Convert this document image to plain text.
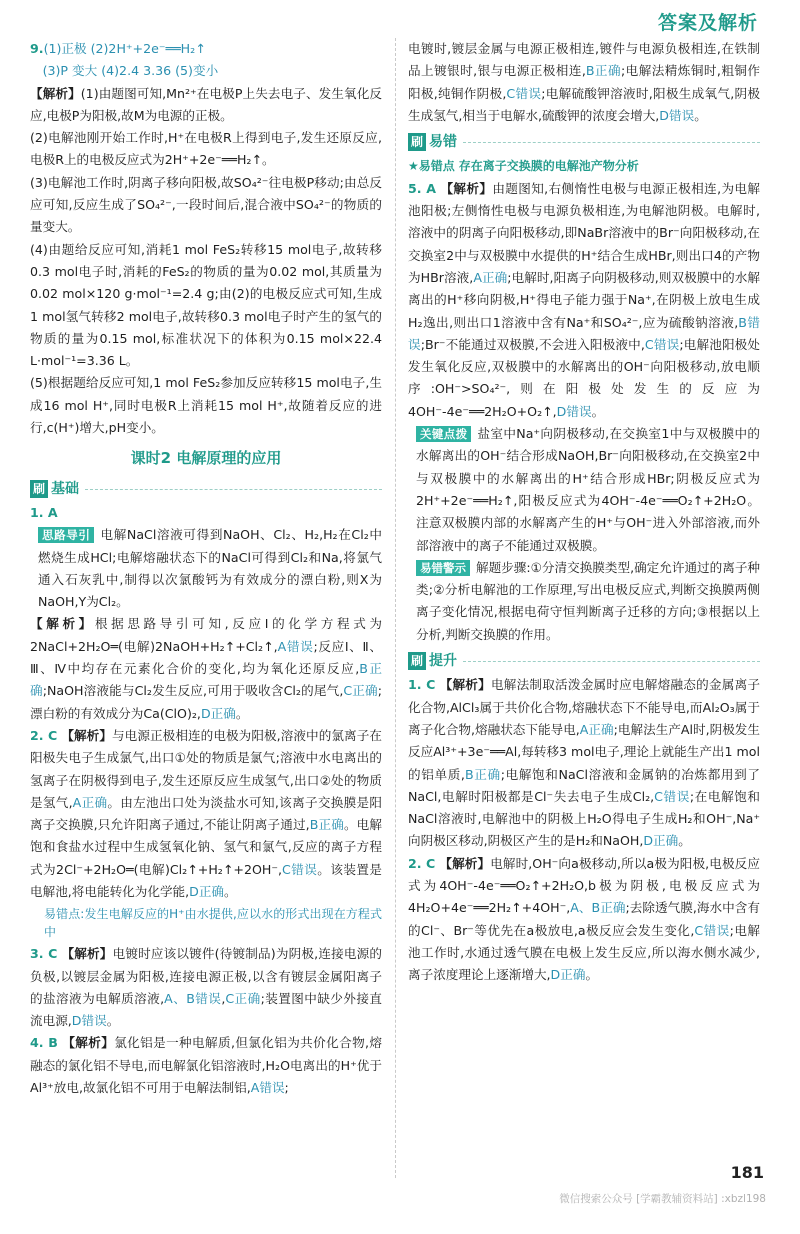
答案及解析

9.(1)正极 (2)2H⁺+2e⁻══H₂↑

(3)P 变大 (4)2.4 3.36 (5)变小

【解析】(1)由题图可知,Mn²⁺在电极P上失去电子、发生氧化反应,电极P为阳极,故M为电源的正极。

(2)电解池刚开始工作时,H⁺在电极R上得到电子,发生还原反应,电极R上的电极反应式为2H⁺+2e⁻══H₂↑。

(3)电解池工作时,阴离子移向阳极,故SO₄²⁻往电极P移动;由总反应可知,反应生成了SO₄²⁻,一段时间后,混合液中SO₄²⁻的物质的量变大。

(4)由题给反应可知,消耗1 mol FeS₂转移15 mol电子,故转移0.3 mol电子时,消耗的FeS₂的物质的量为0.02 mol,其质量为0.02 mol×120 g·mol⁻¹=2.4 g;由(2)的电极反应式可知,生成1 mol氢气转移2 mol电子,故转移0.3 mol电子时产生的氢气的物质的量为0.15 mol,标准状况下的体积为0.15 mol×22.4 L·mol⁻¹=3.36 L。

(5)根据题给反应可知,1 mol FeS₂参加反应转移15 mol电子,生成16 mol H⁺,同时电极R上消耗15 mol H⁺,故随着反应的进行,c(H⁺)增大,pH变小。

课时2 电解原理的应用
刷 基础

1. A

思路导引 电解NaCl溶液可得到NaOH、Cl₂、H₂,H₂在Cl₂中燃烧生成HCl;电解熔融状态下的NaCl可得到Cl₂和Na,将氯气通入石灰乳中,制得以次氯酸钙为有效成分的漂白粉,则X为NaOH,Y为Cl₂。

【解析】根据思路导引可知,反应Ⅰ的化学方程式为2NaCl+2H₂O═(电解)2NaOH+H₂↑+Cl₂↑,A错误;反应Ⅰ、Ⅱ、Ⅲ、Ⅳ中均存在元素化合价的变化,均为氧化还原反应,B正确;NaOH溶液能与Cl₂发生反应,可用于吸收含Cl₂的尾气,C正确;漂白粉的有效成分为Ca(ClO)₂,D正确。

2. C 【解析】与电源正极相连的电极为阳极,溶液中的氯离子在阳极失电子生成氯气,出口①处的物质是氯气;溶液中水电离出的氢离子在阴极得到电子,发生还原反应生成氢气,出口②处的物质是氢气,A正确。由左池出口处为淡盐水可知,该离子交换膜是阳离子交换膜,只允许阳离子通过,不能让阴离子通过,B正确。电解饱和食盐水过程中生成氢氧化钠、氢气和氯气,反应的离子方程式为2Cl⁻+2H₂O═(电解)Cl₂↑+H₂↑+2OH⁻,C错误。该装置是电解池,将电能转化为化学能,D正确。

易错点:发生电解反应的H⁺由水提供,应以水的形式出现在方程式中

3. C 【解析】电镀时应该以镀件(待镀制品)为阴极,连接电源的负极,以镀层金属为阳极,连接电源正极,以含有镀层金属阳离子的盐溶液为电解质溶液,A、B错误,C正确;装置图中缺少外接直流电源,D错误。

4. B 【解析】氯化铝是一种电解质,但氯化铝为共价化合物,熔融态的氯化铝不导电,而电解氯化铝溶液时,H₂O电离出的H⁺优于Al³⁺放电,故氯化铝不可用于电解法制铝,A错误;

电镀时,镀层金属与电源正极相连,镀件与电源负极相连,在铁制品上镀银时,银与电源正极相连,B正确;电解法精炼铜时,粗铜作阳极,纯铜作阴极,C错误;电解硫酸钾溶液时,阳极生成氧气,阴极生成氢气,相当于电解水,硫酸钾的浓度会增大,D错误。

刷 易错

★易错点 存在离子交换膜的电解池产物分析

5. A 【解析】由题图知,右侧惰性电极与电源正极相连,为电解池阳极;左侧惰性电极与电源负极相连,为电解池阴极。电解时,溶液中的阴离子向阳极移动,即NaBr溶液中的Br⁻向阳极移动,在交换室2中与双极膜中水提供的H⁺结合生成HBr,则出口4的产物为HBr溶液,A正确;电解时,阳离子向阴极移动,则双极膜中的水解离出的H⁺移向阴极,H⁺得电子能力强于Na⁺,在阴极上放电生成H₂逸出,则出口1溶液中含有Na⁺和SO₄²⁻,应为硫酸钠溶液,B错误;Br⁻不能通过双极膜,不会进入阳极液中,C错误;电解池阳极处发生氧化反应,双极膜中的水解离出的OH⁻向阳极移动,放电顺序:OH⁻>SO₄²⁻,则在阳极处发生的反应为4OH⁻-4e⁻══2H₂O+O₂↑,D错误。

关键点拨 盐室中Na⁺向阴极移动,在交换室1中与双极膜中的水解离出的OH⁻结合形成NaOH,Br⁻向阳极移动,在交换室2中与双极膜中的水解离出的H⁺结合形成HBr;阴极反应式为2H⁺+2e⁻══H₂↑,阳极反应式为4OH⁻-4e⁻══O₂↑+2H₂O。注意双极膜内部的水解离产生的H⁺与OH⁻进入外部溶液,而外部溶液中的离子不能通过双极膜。

易错警示 解题步骤:①分清交换膜类型,确定允许通过的离子种类;②分析电解池的工作原理,写出电极反应式,判断交换膜两侧离子变化情况,根据电荷守恒判断离子迁移的方向;③根据以上分析,判断交换膜的作用。

刷 提升

1. C 【解析】电解法制取活泼金属时应电解熔融态的金属离子化合物,AlCl₃属于共价化合物,熔融状态下不能导电,而Al₂O₃属于离子化合物,熔融状态下能导电,A正确;电解法生产Al时,阴极发生反应Al³⁺+3e⁻══Al,每转移3 mol电子,理论上就能生产出1 mol的铝单质,B正确;电解饱和NaCl溶液和金属钠的冶炼都用到了NaCl,电解时阳极都是Cl⁻失去电子生成Cl₂,C错误;在电解饱和NaCl溶液时,电解池中的阴极上H₂O得电子生成H₂和OH⁻,Na⁺向阴极区移动,阴极区产生的是H₂和NaOH,D正确。

2. C 【解析】电解时,OH⁻向a极移动,所以a极为阳极,电极反应式为4OH⁻-4e⁻══O₂↑+2H₂O,b极为阴极,电极反应式为4H₂O+4e⁻══2H₂↑+4OH⁻,A、B正确;去除透气膜,海水中含有的Cl⁻、Br⁻等优先在a极放电,a极反应会发生变化,C错误;电解池工作时,水通过透气膜在电极上发生反应,所以海水侧水减少,离子浓度理论上逐渐增大,D正确。

181
微信搜索公众号 [学霸教辅资料站] :xbzl198
